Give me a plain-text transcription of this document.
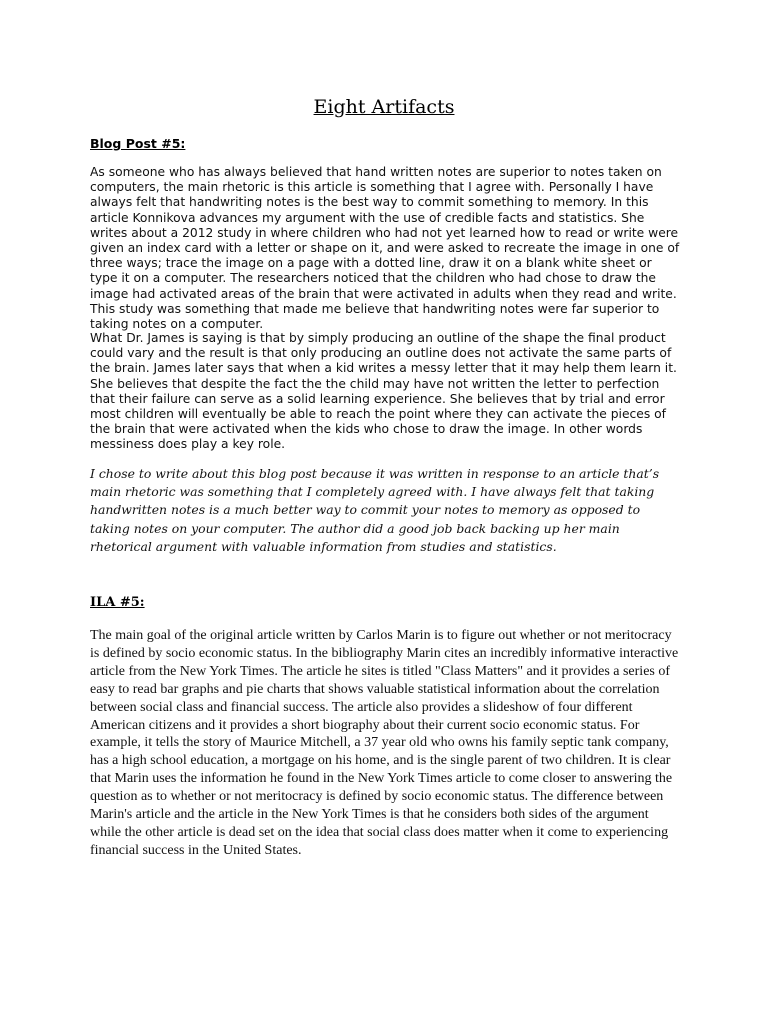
Eight Artifacts
Blog Post #5:

As someone who has always believed that hand written notes are superior to notes taken on computers, the main rhetoric is this article is something that I agree with. Personally I have always felt that handwriting notes is the best way to commit something to memory. In this article Konnikova advances my argument with the use of credible facts and statistics. She writes about a 2012 study in where children who had not yet learned how to read or write were given an index card with a letter or shape on it, and were asked to recreate the image in one of three ways; trace the image on a page with a dotted line, draw it on a blank white sheet or type it on a computer. The researchers noticed that the children who had chose to draw the image had activated areas of the brain that were activated in adults when they read and write. This study was something that made me believe that handwriting notes were far superior to taking notes on a computer.

What Dr. James is saying is that by simply producing an outline of the shape the final product could vary and the result is that only producing an outline does not activate the same parts of the brain. James later says that when a kid writes a messy letter that it may help them learn it. She believes that despite the fact the the child may have not written the letter to perfection that their failure can serve as a solid learning experience. She believes that by trial and error most children will eventually be able to reach the point where they can activate the pieces of the brain that were activated when the kids who chose to draw the image. In other words messiness does play a key role.

I chose to write about this blog post because it was written in response to an article that’s main rhetoric was something that I completely agreed with. I have always felt that taking handwritten notes is a much better way to commit your notes to memory as opposed to taking notes on your computer. The author did a good job back backing up her main rhetorical argument with valuable information from studies and statistics.

ILA #5:

The main goal of the original article written by Carlos Marin is to figure out whether or not meritocracy is defined by socio economic status. In the bibliography Marin cites an incredibly informative interactive article from the New York Times. The article he sites is titled "Class Matters" and it provides a series of easy to read bar graphs and pie charts that shows valuable statistical information about the correlation between social class and financial success. The article also provides a slideshow of four different American citizens and it provides a short biography about their current socio economic status. For example, it tells the story of Maurice Mitchell, a 37 year old who owns his family septic tank company, has a high school education, a mortgage on his home, and is the single parent of two children. It is clear that Marin uses the information he found in the New York Times article to come closer to answering the question as to whether or not meritocracy is defined by socio economic status. The difference between Marin's article and the article in the New York Times is that he considers both sides of the argument while the other article is dead set on the idea that social class does matter when it come to experiencing financial success in the United States.
